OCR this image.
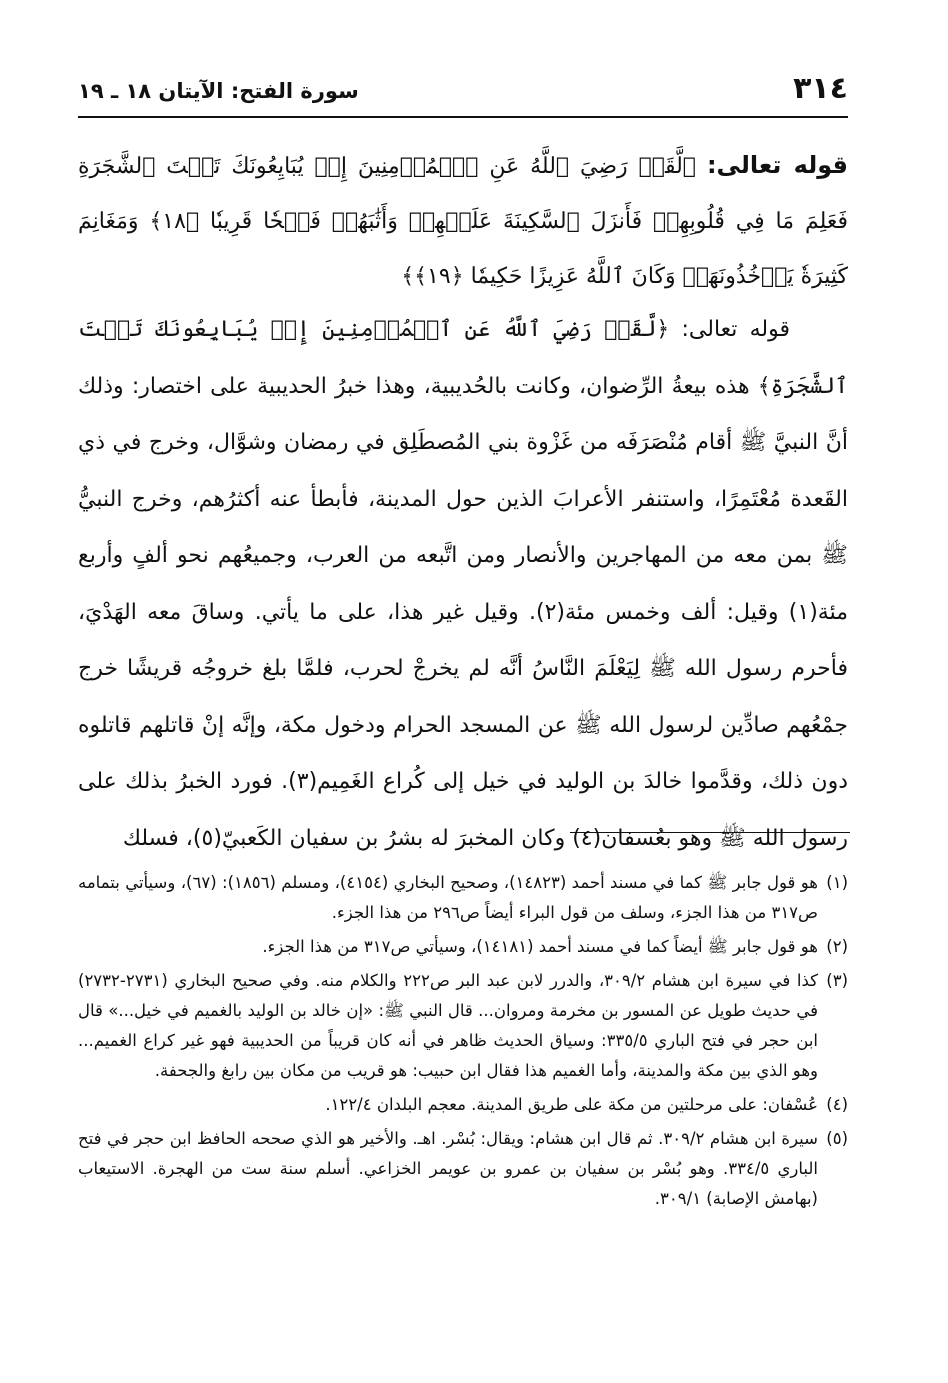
٣١٤
سورة الفتح: الآيتان ١٨ ـ ١٩
قوله تعالى: ﴿لَّقَدۡ رَضِيَ ٱللَّهُ عَنِ ٱلۡمُؤۡمِنِينَ إِذۡ يُبَايِعُونَكَ تَحۡتَ ٱلشَّجَرَةِ فَعَلِمَ مَا فِي قُلُوبِهِمۡ فَأَنزَلَ ٱلسَّكِينَةَ عَلَيۡهِمۡ وَأَثَٰبَهُمۡ فَتۡحٗا قَرِيبٗا ﴿١٨﴾ وَمَغَانِمَ كَثِيرَةٗ يَأۡخُذُونَهَاۗ وَكَانَ ٱللَّهُ عَزِيزًا حَكِيمٗا ﴿١٩﴾﴾

قوله تعالى: ﴿لَّقَدۡ رَضِيَ ٱللَّهُ عَنِ ٱلۡمُؤۡمِنِينَ إِذۡ يُبَايِعُونَكَ تَحۡتَ ٱلشَّجَرَةِ﴾ هذه بيعةُ الرِّضوان، وكانت بالحُديبية، وهذا خبرُ الحديبية على اختصار: وذلك أنَّ النبيَّ ﷺ أقام مُنْصَرَفَه من غَزْوة بني المُصطَلِق في رمضان وشوَّال، وخرج في ذي القَعدة مُعْتَمِرًا، واستنفر الأعرابَ الذين حول المدينة، فأبطأ عنه أكثرُهم، وخرج النبيُّ ﷺ بمن معه من المهاجرين والأنصار ومن اتَّبعه من العرب، وجميعُهم نحو ألفٍ وأربع مئة(١) وقيل: ألف وخمس مئة(٢). وقيل غير هذا، على ما يأتي. وساقَ معه الهَدْيَ، فأحرم رسول الله ﷺ لِيَعْلَمَ النَّاسُ أنَّه لم يخرجْ لحرب، فلمَّا بلغ خروجُه قريشًا خرج جمْعُهم صادِّين لرسول الله ﷺ عن المسجد الحرام ودخول مكة، وإنَّه إنْ قاتلهم قاتلوه دون ذلك، وقدَّموا خالدَ بن الوليد في خيل إلى كُراع الغَمِيم(٣). فورد الخبرُ بذلك على رسول الله ﷺ وهو بعُسفان(٤) وكان المخبرَ له بشرُ بن سفيان الكَعبيّ(٥)، فسلك

(١)
هو قول جابر ﷺ كما في مسند أحمد (١٤٨٢٣)، وصحيح البخاري (٤١٥٤)، ومسلم (١٨٥٦): (٦٧)، وسيأتي بتمامه ص٣١٧ من هذا الجزء، وسلف من قول البراء أيضاً ص٢٩٦ من هذا الجزء.
(٢)
هو قول جابر ﷺ أيضاً كما في مسند أحمد (١٤١٨١)، وسيأتي ص٣١٧ من هذا الجزء.
(٣)
كذا في سيرة ابن هشام ٣٠٩/٢، والدرر لابن عبد البر ص٢٢٢ والكلام منه. وفي صحيح البخاري (٢٧٣١-٢٧٣٢) في حديث طويل عن المسور بن مخرمة ومروان... قال النبي ﷺ: «إن خالد بن الوليد بالغميم في خيل...» قال ابن حجر في فتح الباري ٣٣٥/٥: وسياق الحديث ظاهر في أنه كان قريباً من الحديبية فهو غير كراع الغميم... وهو الذي بين مكة والمدينة، وأما الغميم هذا فقال ابن حبيب: هو قريب من مكان بين رابغ والجحفة.
(٤)
عُسْفان: على مرحلتين من مكة على طريق المدينة. معجم البلدان ١٢٢/٤.
(٥)
سيرة ابن هشام ٣٠٩/٢. ثم قال ابن هشام: ويقال: بُسْر. اهـ. والأخير هو الذي صححه الحافظ ابن حجر في فتح الباري ٣٣٤/٥. وهو بُسْر بن سفيان بن عمرو بن عويمر الخزاعي. أسلم سنة ست من الهجرة. الاستيعاب (بهامش الإصابة) ٣٠٩/١.
